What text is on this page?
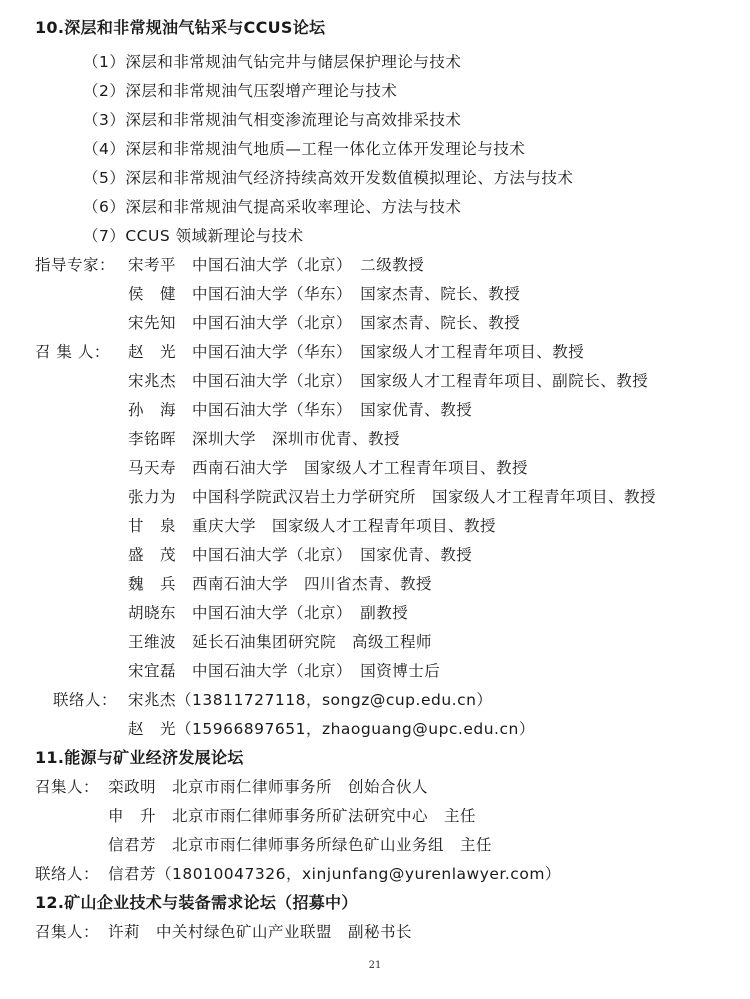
10.深层和非常规油气钻采与CCUS论坛
（1）深层和非常规油气钻完井与储层保护理论与技术
（2）深层和非常规油气压裂增产理论与技术
（3）深层和非常规油气相变渗流理论与高效排采技术
（4）深层和非常规油气地质—工程一体化立体开发理论与技术
（5）深层和非常规油气经济持续高效开发数值模拟理论、方法与技术
（6）深层和非常规油气提高采收率理论、方法与技术
（7）CCUS 领域新理论与技术
指导专家： 宋考平　中国石油大学（北京）　二级教授
侯　健　中国石油大学（华东）　国家杰青、院长、教授
宋先知　中国石油大学（北京）　国家杰青、院长、教授
召 集 人： 赵　光　中国石油大学（华东）　国家级人才工程青年项目、教授
宋兆杰　中国石油大学（北京）　国家级人才工程青年项目、副院长、教授
孙　海　中国石油大学（华东）　国家优青、教授
李铭晖　深圳大学　深圳市优青、教授
马天寿　西南石油大学　国家级人才工程青年项目、教授
张力为　中国科学院武汉岩土力学研究所　国家级人才工程青年项目、教授
甘　泉　重庆大学　国家级人才工程青年项目、教授
盛　茂　中国石油大学（北京）　国家优青、教授
魏　兵　西南石油大学　四川省杰青、教授
胡晓东　中国石油大学（北京）　副教授
王维波　延长石油集团研究院　高级工程师
宋宜磊　中国石油大学（北京）　国资博士后
联络人： 宋兆杰（13811727118，songz@cup.edu.cn）
赵　光（15966897651，zhaoguang@upc.edu.cn）
11.能源与矿业经济发展论坛
召集人： 栾政明　北京市雨仁律师事务所　创始合伙人
申　升　北京市雨仁律师事务所矿法研究中心　主任
信君芳　北京市雨仁律师事务所绿色矿山业务组　主任
联络人： 信君芳（18010047326，xinjunfang@yurenlawyer.com）
12.矿山企业技术与装备需求论坛（招募中）
召集人： 许莉　中关村绿色矿山产业联盟　副秘书长
21
